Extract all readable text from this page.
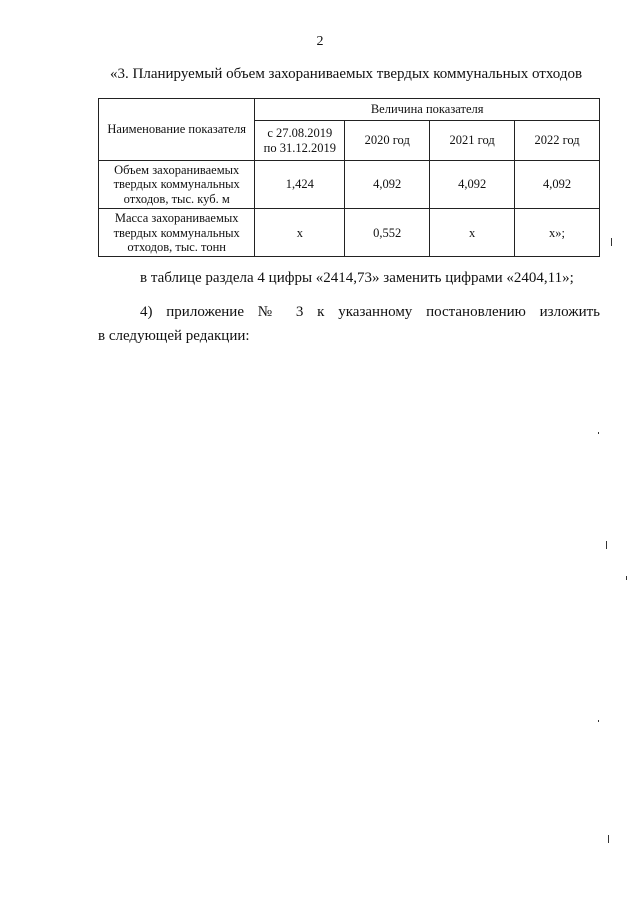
2
«3. Планируемый объем захораниваемых твердых коммунальных отходов
Наименование показателя	Величина показателя			
	с 27.08.2019 по 31.12.2019	2020 год	2021 год	2022 год
Объем захораниваемых твердых коммунальных отходов, тыс. куб. м	1,424	4,092	4,092	4,092
Масса захораниваемых твердых коммунальных отходов, тыс. тонн	х	0,552	х	х»;
в таблице раздела 4 цифры «2414,73» заменить цифрами «2404,11»;
4) приложение № 3 к указанному постановлению изложить
в следующей редакции:
